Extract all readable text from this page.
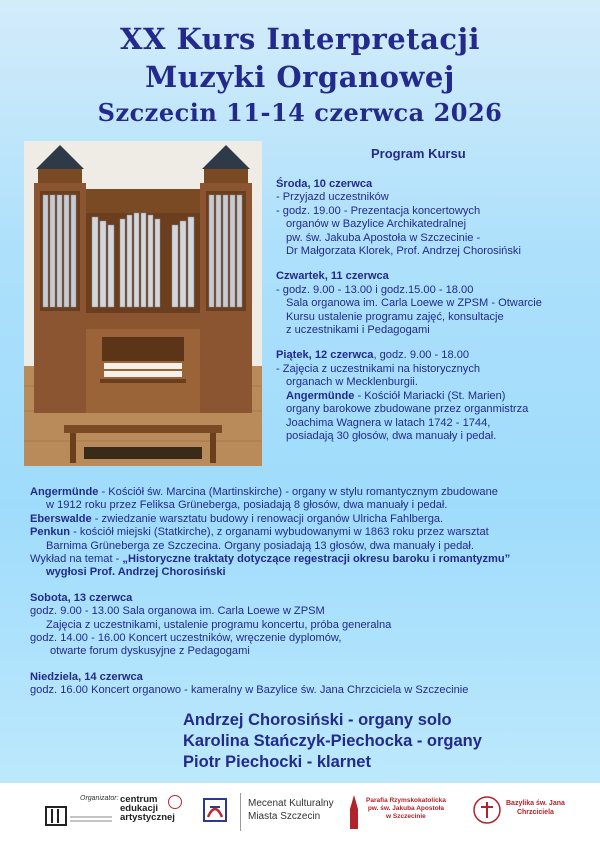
XX Kurs Interpretacji
Muzyki Organowej
Szczecin 11-14 czerwca 2026
Program Kursu
Środa, 10 czerwca
- Przyjazd uczestników
- godz. 19.00 - Prezentacja koncertowych
organów w Bazylice Archikatedralnej
pw. św. Jakuba Apostoła w Szczecinie -
Dr Małgorzata Klorek, Prof. Andrzej Chorosiński
Czwartek, 11 czerwca
- godz. 9.00 - 13.00 i godz.15.00 - 18.00
Sala organowa im. Carla Loewe w ZPSM - Otwarcie
Kursu ustalenie programu zajęć, konsultacje
z uczestnikami i Pedagogami
Piątek, 12 czerwca, godz. 9.00 - 18.00
- Zajęcia z uczestnikami na historycznych
organach w Mecklenburgii.
Angermünde - Kościół Mariacki (St. Marien)
organy barokowe zbudowane przez organmistrza
Joachima Wagnera w latach 1742 - 1744,
posiadają 30 głosów, dwa manuały i pedał.
Angermünde - Kościół św. Marcina (Martinskirche) - organy w stylu romantycznym zbudowane
w 1912 roku przez Feliksa Grüneberga, posiadają 8 głosów, dwa manuały i pedał.
Eberswalde - zwiedzanie warsztatu budowy i renowacji organów Ulricha Fahlberga.
Penkun - kościół miejski (Statkirche), z organami wybudowanymi w 1863 roku przez warsztat
Barnima Grüneberga ze Szczecina. Organy posiadają 13 głosów, dwa manuały i pedał.
Wykład na temat - „Historyczne traktaty dotyczące regestracji okresu baroku i romantyzmu”
wygłosi Prof. Andrzej Chorosiński
Sobota, 13 czerwca
godz. 9.00 - 13.00 Sala organowa im. Carla Loewe w ZPSM
Zajęcia z uczestnikami, ustalenie programu koncertu, próba generalna
godz. 14.00 - 16.00 Koncert uczestników, wręczenie dyplomów,
otwarte forum dyskusyjne z Pedagogami
Niedziela, 14 czerwca
godz. 16.00 Koncert organowo - kameralny w Bazylice św. Jana Chrzciciela w Szczecinie
Andrzej Chorosiński - organy solo
Karolina Stańczyk-Piechocka - organy
Piotr Piechocki - klarnet
Organizator: centrum
edukacji
artystycznej
Mecenat Kulturalny
Miasta Szczecin
Parafia Rzymskokatolicka
pw. św. Jakuba Apostoła
w Szczecinie
Bazylika św. Jana
Chrzciciela
